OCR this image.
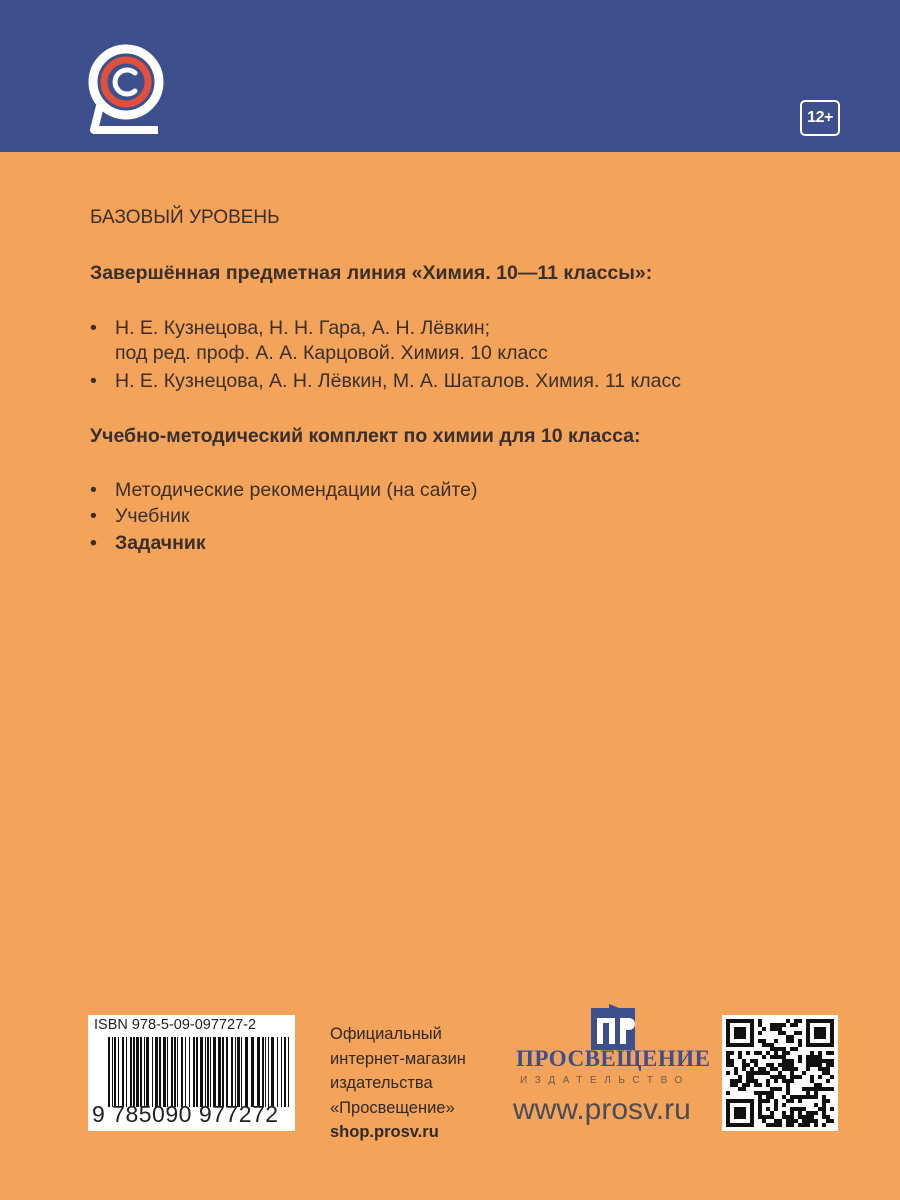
12+
БАЗОВЫЙ УРОВЕНЬ
Завершённая предметная линия «Химия. 10—11 классы»:
• Н. Е. Кузнецова, Н. Н. Гара, А. Н. Лёвкин;
под ред. проф. А. А. Карцовой. Химия. 10 класс
• Н. Е. Кузнецова, А. Н. Лёвкин, М. А. Шаталов. Химия. 11 класс
Учебно-методический комплект по химии для 10 класса:
• Методические рекомендации (на сайте)
• Учебник
• Задачник
ISBN 978-5-09-097727-2
9 785090 977272
Официальный
интернет-магазин
издательства
«Просвещение»
shop.prosv.ru
ПРОСВЕЩЕНИЕ
ИЗДАТЕЛЬСТВО
www.prosv.ru
